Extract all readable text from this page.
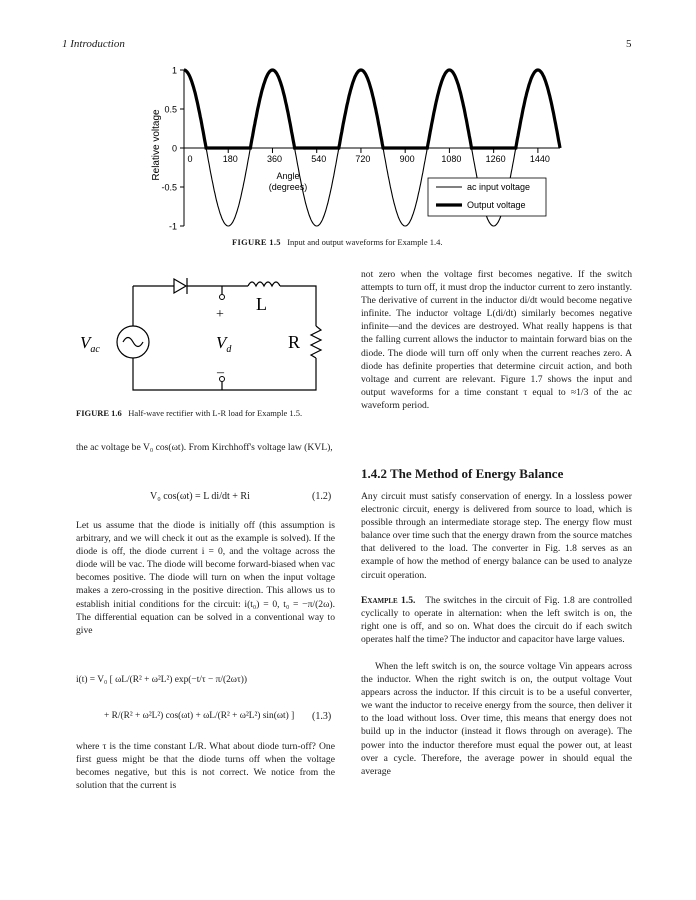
1 Introduction	5
Relative voltage
1
0.5
0
-0.5
-1
0	180	360	540	720	900	1080	1260	1440
Angle
(degrees)	ac input voltage
Output voltage
FIGURE 1.5 Input and output waveforms for Example 1.4.
L
R
+
–
$V_d$
$V_{ac}$
FIGURE 1.6 Half-wave rectifier with L-R load for Example 1.5.

the ac voltage be V₀ cos(ωt). From Kirchhoff's voltage law (KVL),

V₀ cos(ωt) = L di/dt + Ri	(1.2)

Let us assume that the diode is initially off (this assumption is arbitrary, and we will check it out as the example is solved). If the diode is off, the diode current i = 0, and the voltage across the diode will be vac. The diode will become forward-biased when vac becomes positive. The diode will turn on when the input voltage makes a zero-crossing in the positive direction. This allows us to establish initial conditions for the circuit: i(t₀) = 0, t₀ = −π/(2ω). The differential equation can be solved in a conventional way to give

i(t) = V₀ [ ωL/(R² + ω²L²) exp(−t/τ − π/(2ωτ))
+ R/(R² + ω²L²) cos(ωt) + ωL/(R² + ω²L²) sin(ωt) ] (1.3)

where τ is the time constant L/R. What about diode turn-off? One first guess might be that the diode turns off when the voltage becomes negative, but this is not correct. We notice from the solution that the current is

not zero when the voltage first becomes negative. If the switch attempts to turn off, it must drop the inductor current to zero instantly. The derivative of current in the inductor di/dt would become negative infinite. The inductor voltage L(di/dt) similarly becomes negative infinite—and the devices are destroyed. What really happens is that the falling current allows the inductor to maintain forward bias on the diode. The diode will turn off only when the current reaches zero. A diode has definite properties that determine circuit action, and both voltage and current are relevant. Figure 1.7 shows the input and output waveforms for a time constant τ equal to ≈1/3 of the ac waveform period.

1.4.2 The Method of Energy Balance

Any circuit must satisfy conservation of energy. In a lossless power electronic circuit, energy is delivered from source to load, which is possible through an intermediate storage step. The energy flow must balance over time such that the energy drawn from the source matches that delivered to the load. The converter in Fig. 1.8 serves as an example of how the method of energy balance can be used to analyze circuit operation.

Example 1.5. The switches in the circuit of Fig. 1.8 are controlled cyclically to operate in alternation: when the left switch is on, the right one is off, and so on. What does the circuit do if each switch operates half the time? The inductor and capacitor have large values.

When the left switch is on, the source voltage Vin appears across the inductor. When the right switch is on, the output voltage Vout appears across the inductor. If this circuit is to be a useful converter, we want the inductor to receive energy from the source, then deliver it to the load without loss. Over time, this means that energy does not build up in the inductor (instead it flows through on average). The power into the inductor therefore must equal the power out, at least over a cycle. Therefore, the average power in should equal the average
